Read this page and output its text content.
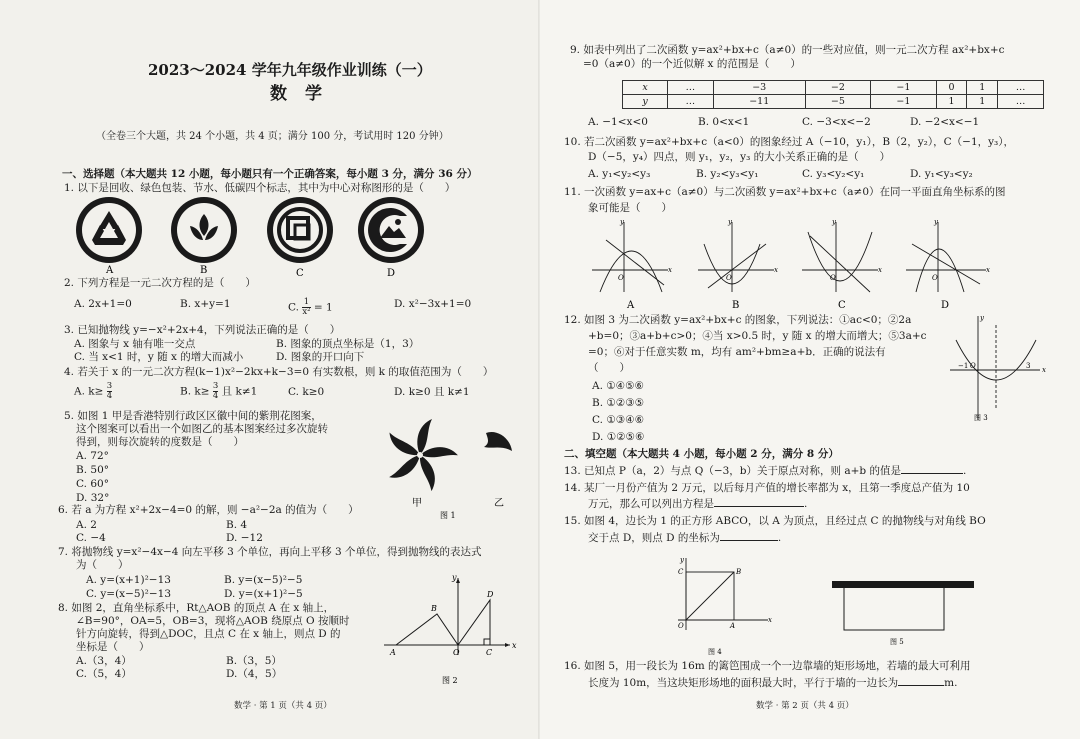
2023～2024 学年九年级作业训练（一）
数学
（全卷三个大题，共 24 个小题，共 4 页；满分 100 分，考试用时 120 分钟）
一、选择题（本大题共 12 小题，每小题只有一个正确答案，每小题 3 分，满分 36 分）
1. 以下是回收、绿色包装、节水、低碳四个标志，其中为中心对称图形的是（　　）
A	B	C	D
2. 下列方程是一元二次方程的是（　　）
A. 2x+1=0	B. x+y=1	C. $\frac{1}{\text{x²}} = 1$	D. x²−3x+1=0
3. 已知抛物线 y=−x²+2x+4，下列说法正确的是（　　）
A. 图象与 x 轴有唯一交点	B. 图象的顶点坐标是（1，3）
C. 当 x<1 时，y 随 x 的增大而减小	D. 图象的开口向下
4. 若关于 x 的一元二次方程(k−1)x²−2kx+k−3=0 有实数根，则 k 的取值范围为（　　）
A. $k\ge \frac{3}{4}$	B. $k\ge \frac{3}{4}$ 且 k≠1	C. k≥0	D. k≥0 且 k≠1
5. 如图 1 甲是香港特别行政区区徽中间的紫荆花图案，
这个图案可以看出一个如图乙的基本图案经过多次旋转
得到，则每次旋转的度数是（　　）
A. 72°
B. 50°
C. 60°
D. 32°	甲	乙
图 1
6. 若 a 为方程 x²+2x−4=0 的解，则 −a²−2a 的值为（　　）
A. 2	B. 4
C. −4	D. −12
7. 将抛物线 y=x²−4x−4 向左平移 3 个单位，再向上平移 3 个单位，得到抛物线的表达式
为（　　）
A. y=(x+1)²−13	B. y=(x−5)²−5
C. y=(x−5)²−13	D. y=(x+1)²−5
8. 如图 2，直角坐标系中，Rt△AOB 的顶点 A 在 x 轴上，
∠B=90°，OA=5，OB=3，现将△AOB 绕原点 O 按顺时
针方向旋转，得到△DOC，且点 C 在 x 轴上，则点 D 的
坐标是（　　）
A.（3，4）	B.（3，5）
C.（5，4）	D.（4，5）
y
B
D
A	O	C
x
图 2
数学 · 第 1 页（共 4 页）
9. 如表中列出了二次函数 y=ax²+bx+c（a≠0）的一些对应值，则一元二次方程 ax²+bx+c
=0（a≠0）的一个近似解 x 的范围是（　　）
x	…	−3	−2	−1	0	1	…
y	…	−11	−5	−1	1	1	…
A. −1<x<0	B. 0<x<1	C. −3<x<−2	D. −2<x<−1
10. 若二次函数 y=ax²+bx+c（a<0）的图象经过 A（−10，y₁），B（2，y₂），C（−1，y₃），
D（−5，y₄）四点，则 y₁，y₂，y₃ 的大小关系正确的是（　　）
A. y₁<y₂<y₃	B. y₂<y₃<y₁	C. y₃<y₂<y₁	D. y₁<y₃<y₂
11. 一次函数 y=ax+c（a≠0）与二次函数 y=ax²+bx+c（a≠0）在同一平面直角坐标系的图
象可能是（　　）
y
x
O
y
x
O
y
x
O
y
x
O
A	B	C	D
12. 如图 3 为二次函数 y=ax²+bx+c 的图象，下列说法：①ac<0；②2a
+b=0；③a+b+c>0；④当 x>0.5 时，y 随 x 的增大而增大；⑤3a+c
=0；⑥对于任意实数 m，均有 am²+bm≥a+b．正确的说法有
（　　）
A. ①④⑤⑥
B. ①②③⑤
C. ①③④⑥
D. ①②⑤⑥
y
−1 O	3 x
图 3
二、填空题（本大题共 4 小题，每小题 2 分，满分 8 分）
13. 已知点 P（a，2）与点 Q（−3，b）关于原点对称，则 a+b 的值是	.
14. 某厂一月份产值为 2 万元，以后每月产值的增长率都为 x，且第一季度总产值为 10
万元，那么可以列出方程是	.
15. 如图 4，边长为 1 的正方形 ABCO，以 A 为顶点，且经过点 C 的抛物线与对角线 BO
交于点 D，则点 D 的坐标为	.
y
C	B
O	A
x
图 4
图 5
16. 如图 5，用一段长为 16m 的篱笆围成一个一边靠墙的矩形场地，若墙的最大可利用
长度为 10m，当这块矩形场地的面积最大时，平行于墙的一边长为	m.
数学 · 第 2 页（共 4 页）
